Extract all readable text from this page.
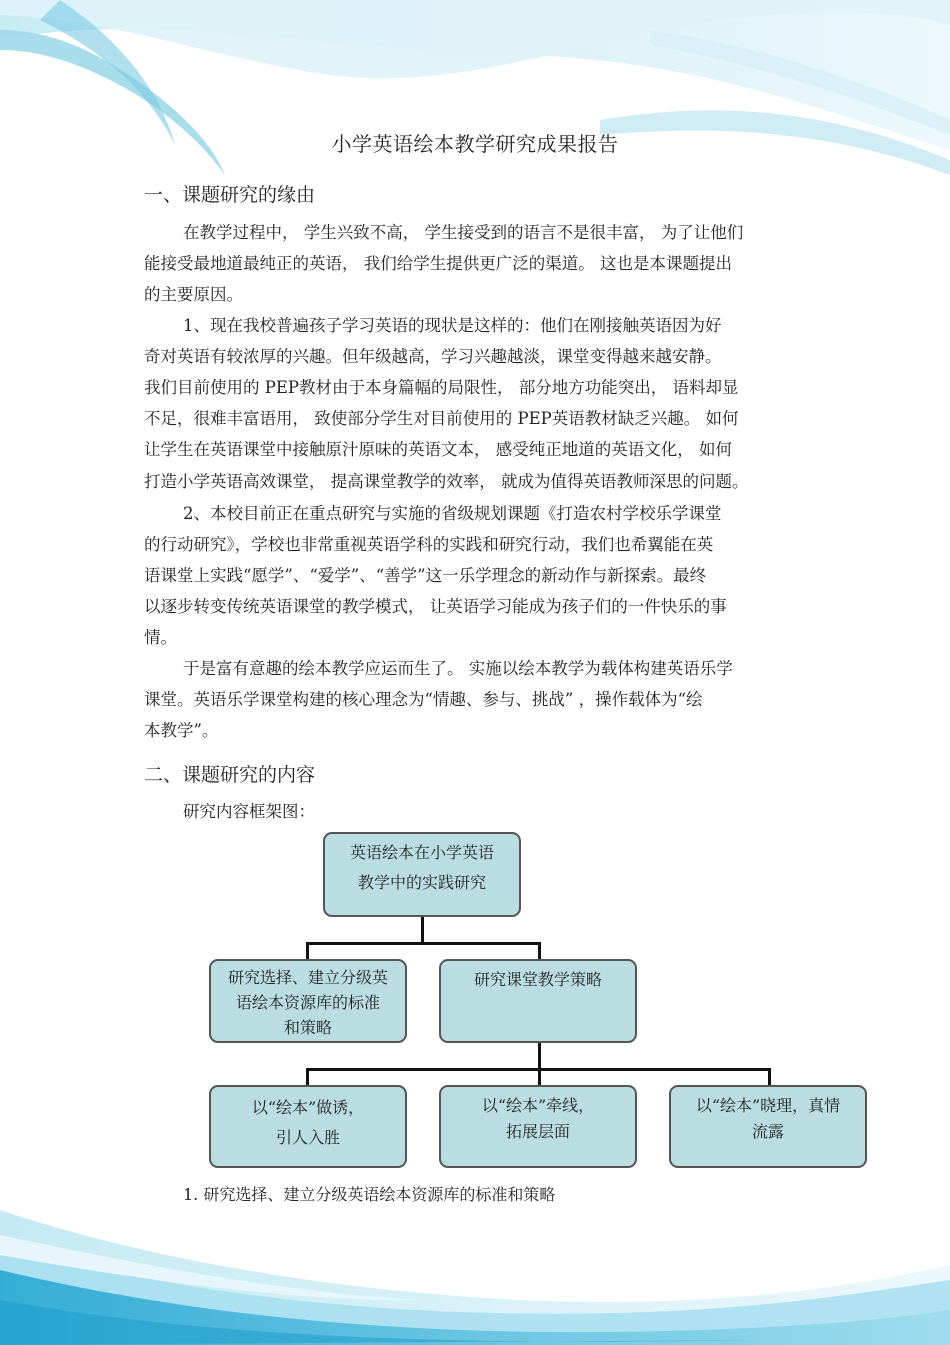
小学英语绘本教学研究成果报告
一、课题研究的缘由
在教学过程中， 学生兴致不高， 学生接受到的语言不是很丰富， 为了让他们
能接受最地道最纯正的英语， 我们给学生提供更广泛的渠道。 这也是本课题提出
的主要原因。
1、现在我校普遍孩子学习英语的现状是这样的：他们在刚接触英语因为好
奇对英语有较浓厚的兴趣。但年级越高，学习兴趣越淡，课堂变得越来越安静。
我们目前使用的 PEP教材由于本身篇幅的局限性， 部分地方功能突出， 语料却显
不足，很难丰富语用， 致使部分学生对目前使用的 PEP英语教材缺乏兴趣。 如何
让学生在英语课堂中接触原汁原味的英语文本， 感受纯正地道的英语文化， 如何
打造小学英语高效课堂， 提高课堂教学的效率， 就成为值得英语教师深思的问题。
2、本校目前正在重点研究与实施的省级规划课题《打造农村学校乐学课堂
的行动研究》，学校也非常重视英语学科的实践和研究行动，我们也希翼能在英
语课堂上实践“愿学”、“爱学”、“善学”这一乐学理念的新动作与新探索。最终
以逐步转变传统英语课堂的教学模式， 让英语学习能成为孩子们的一件快乐的事
情。
于是富有意趣的绘本教学应运而生了。 实施以绘本教学为载体构建英语乐学
课堂。英语乐学课堂构建的核心理念为“情趣、参与、挑战” ，操作载体为“绘
本教学”。
二、课题研究的内容
研究内容框架图：
英语绘本在小学英语
教学中的实践研究
研究选择、建立分级英
语绘本资源库的标准
和策略
研究课堂教学策略
以“绘本”做诱，
引人入胜
以“绘本”牵线，
拓展层面
以“绘本”晓理，真情
流露
1. 研究选择、建立分级英语绘本资源库的标准和策略
